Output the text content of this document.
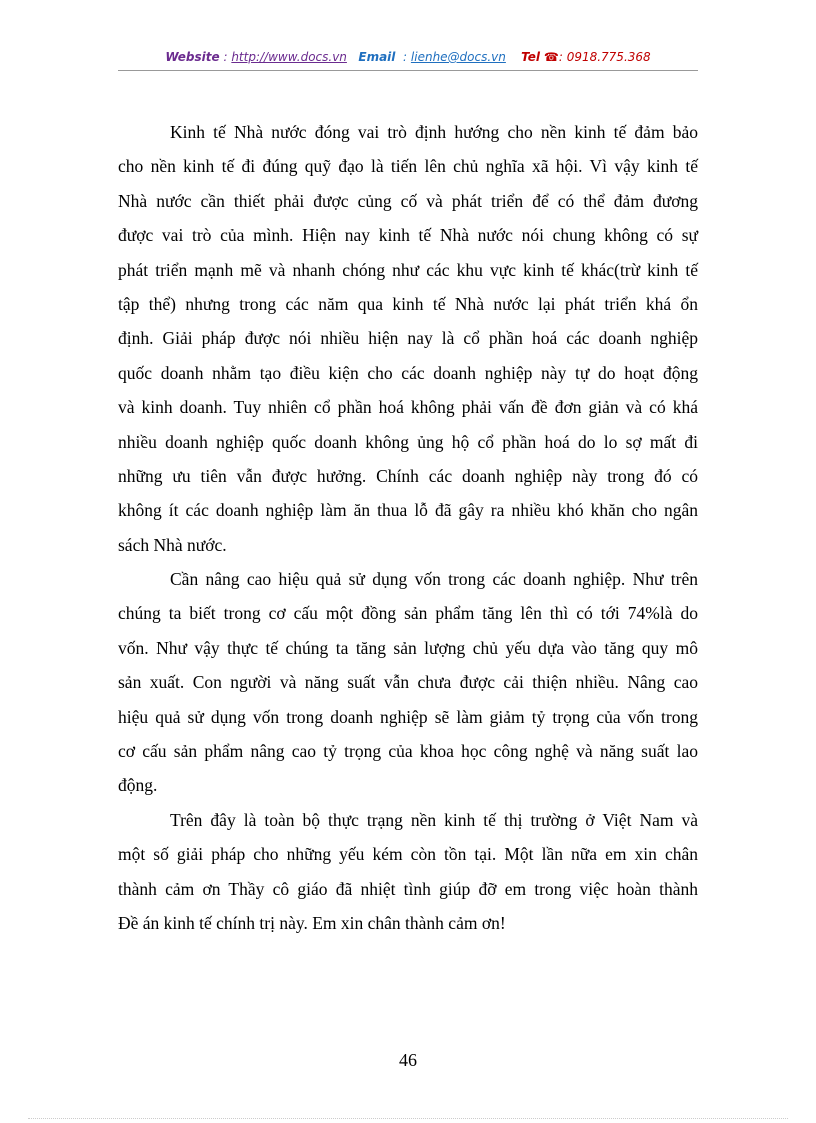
Website : http://www.docs.vn Email  : lienhe@docs.vn Tel ☎: 0918.775.368
Kinh tế Nhà nước đóng vai trò định hướng cho nền kinh tế đảm bảo
cho nền kinh tế đi đúng quỹ đạo là tiến lên chủ nghĩa xã hội. Vì vậy kinh tế
Nhà nước cần thiết phải được củng cố và phát triển để có thể đảm đương
được vai trò của mình. Hiện nay kinh tế Nhà nước nói chung không có sự
phát triển mạnh mẽ và nhanh chóng như các khu vực kinh tế khác(trừ kinh tế
tập thể) nhưng trong các năm qua kinh tế Nhà nước lại phát triển khá ổn
định. Giải pháp được nói nhiều hiện nay là cổ phần hoá các doanh nghiệp
quốc doanh nhằm tạo điều kiện cho các doanh nghiệp này tự do hoạt động
và kinh doanh. Tuy nhiên cổ phần hoá không phải vấn đề đơn giản và có khá
nhiều doanh nghiệp quốc doanh không ủng hộ cổ phần hoá do lo sợ mất đi
những ưu tiên vẫn được hưởng. Chính các doanh nghiệp này trong đó có
không ít các doanh nghiệp làm ăn thua lỗ đã gây ra nhiều khó khăn cho ngân
sách Nhà nước.
Cần nâng cao hiệu quả sử dụng vốn trong các doanh nghiệp. Như trên
chúng ta biết trong cơ cấu một đồng sản phẩm tăng lên thì có tới 74%là do
vốn. Như vậy thực tế chúng ta tăng sản lượng chủ yếu dựa vào tăng quy mô
sản xuất. Con người và năng suất vẫn chưa được cải thiện nhiều. Nâng cao
hiệu quả sử dụng vốn trong doanh nghiệp sẽ làm giảm tỷ trọng của vốn trong
cơ cấu sản phẩm nâng cao tỷ trọng của khoa học công nghệ và năng suất lao
động.
Trên đây là toàn bộ thực trạng nền kinh tế thị trường ở Việt Nam và
một số giải pháp cho những yếu kém còn tồn tại. Một lần nữa em xin chân
thành cảm ơn Thầy cô giáo đã nhiệt tình giúp đỡ em trong việc hoàn thành
Đề án kinh tế chính trị này. Em xin chân thành cảm ơn!
46
